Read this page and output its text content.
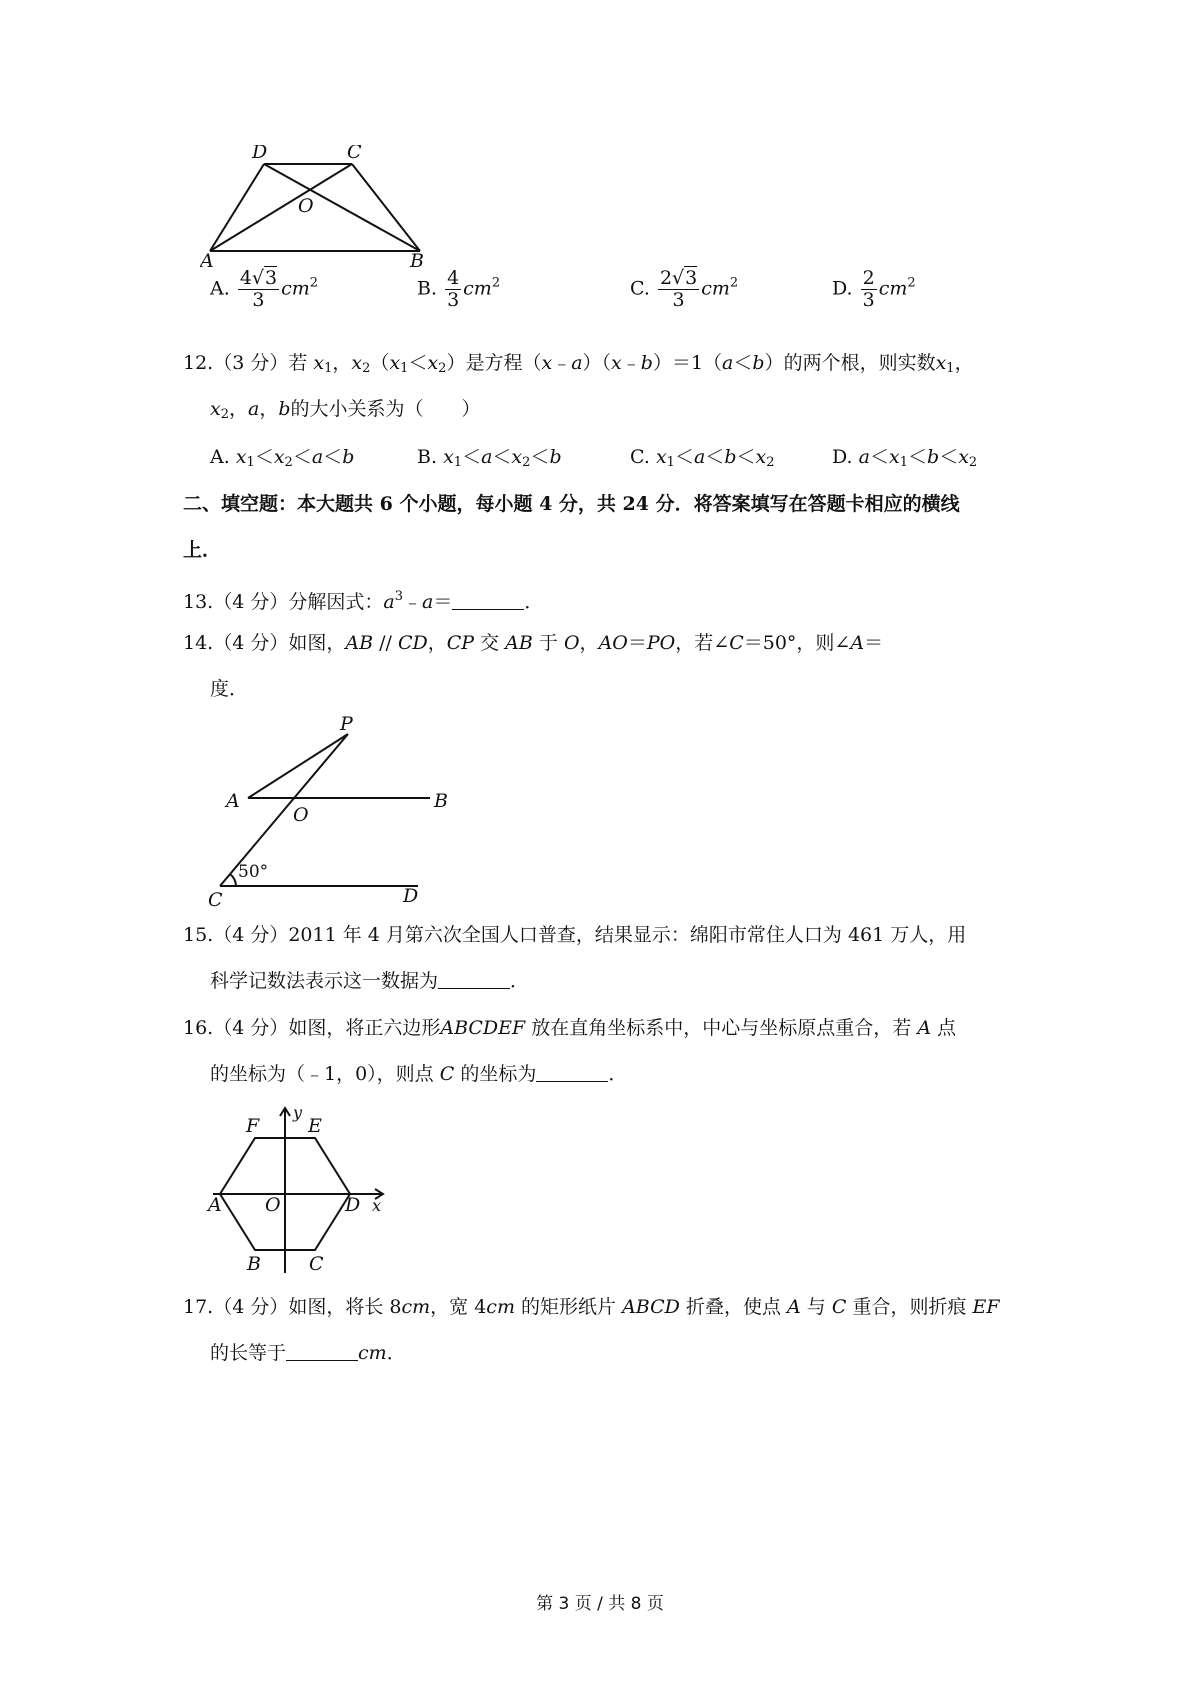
D	C
O
A	B
A. $\frac{4√3}{3} cm^2$	B. $\frac{4}{3} cm^2$	C. $\frac{2√3}{3} cm^2$	D. $\frac{2}{3} cm^2$
12.（3 分）若 $x_1$，$x_2(x_1<x_2)$是方程（x﹣a）（x﹣b）＝1（a＜b）的两个根，则实数$x_1$，
$x_2$，a，b的大小关系为（　　）
A. $x_1<x_2<a<b$	B. $x_1<a<x_2<b$	C. $x_1<a<b<x_2$	D. $a<x_1<b<x_2$
二、填空题：本大题共 6 个小题，每小题 4 分，共 24 分．将答案填写在答题卡相应的横线
上．
13.（4 分）分解因式：$a^3﹣a=$	．
14.（4 分）如图，AB // CD，CP 交 AB 于 O，AO＝PO，若∠C＝50°，则∠A＝
度．
P
A
O
B
50°
C	D
15.（4 分）2011 年 4 月第六次全国人口普查，结果显示：绵阳市常住人口为 461 万人，用
科学记数法表示这一数据为	．
16.（4 分）如图，将正六边形ABCDEF 放在直角坐标系中，中心与坐标原点重合，若 A 点
的坐标为（﹣1，0），则点 C 的坐标为	．
y
F	E
A O	D x
B	C
17.（4 分）如图，将长 8cm，宽 4cm 的矩形纸片 ABCD 折叠，使点 A 与 C 重合，则折痕 EF
的长等于	cm．
第 3 页 / 共 8 页
